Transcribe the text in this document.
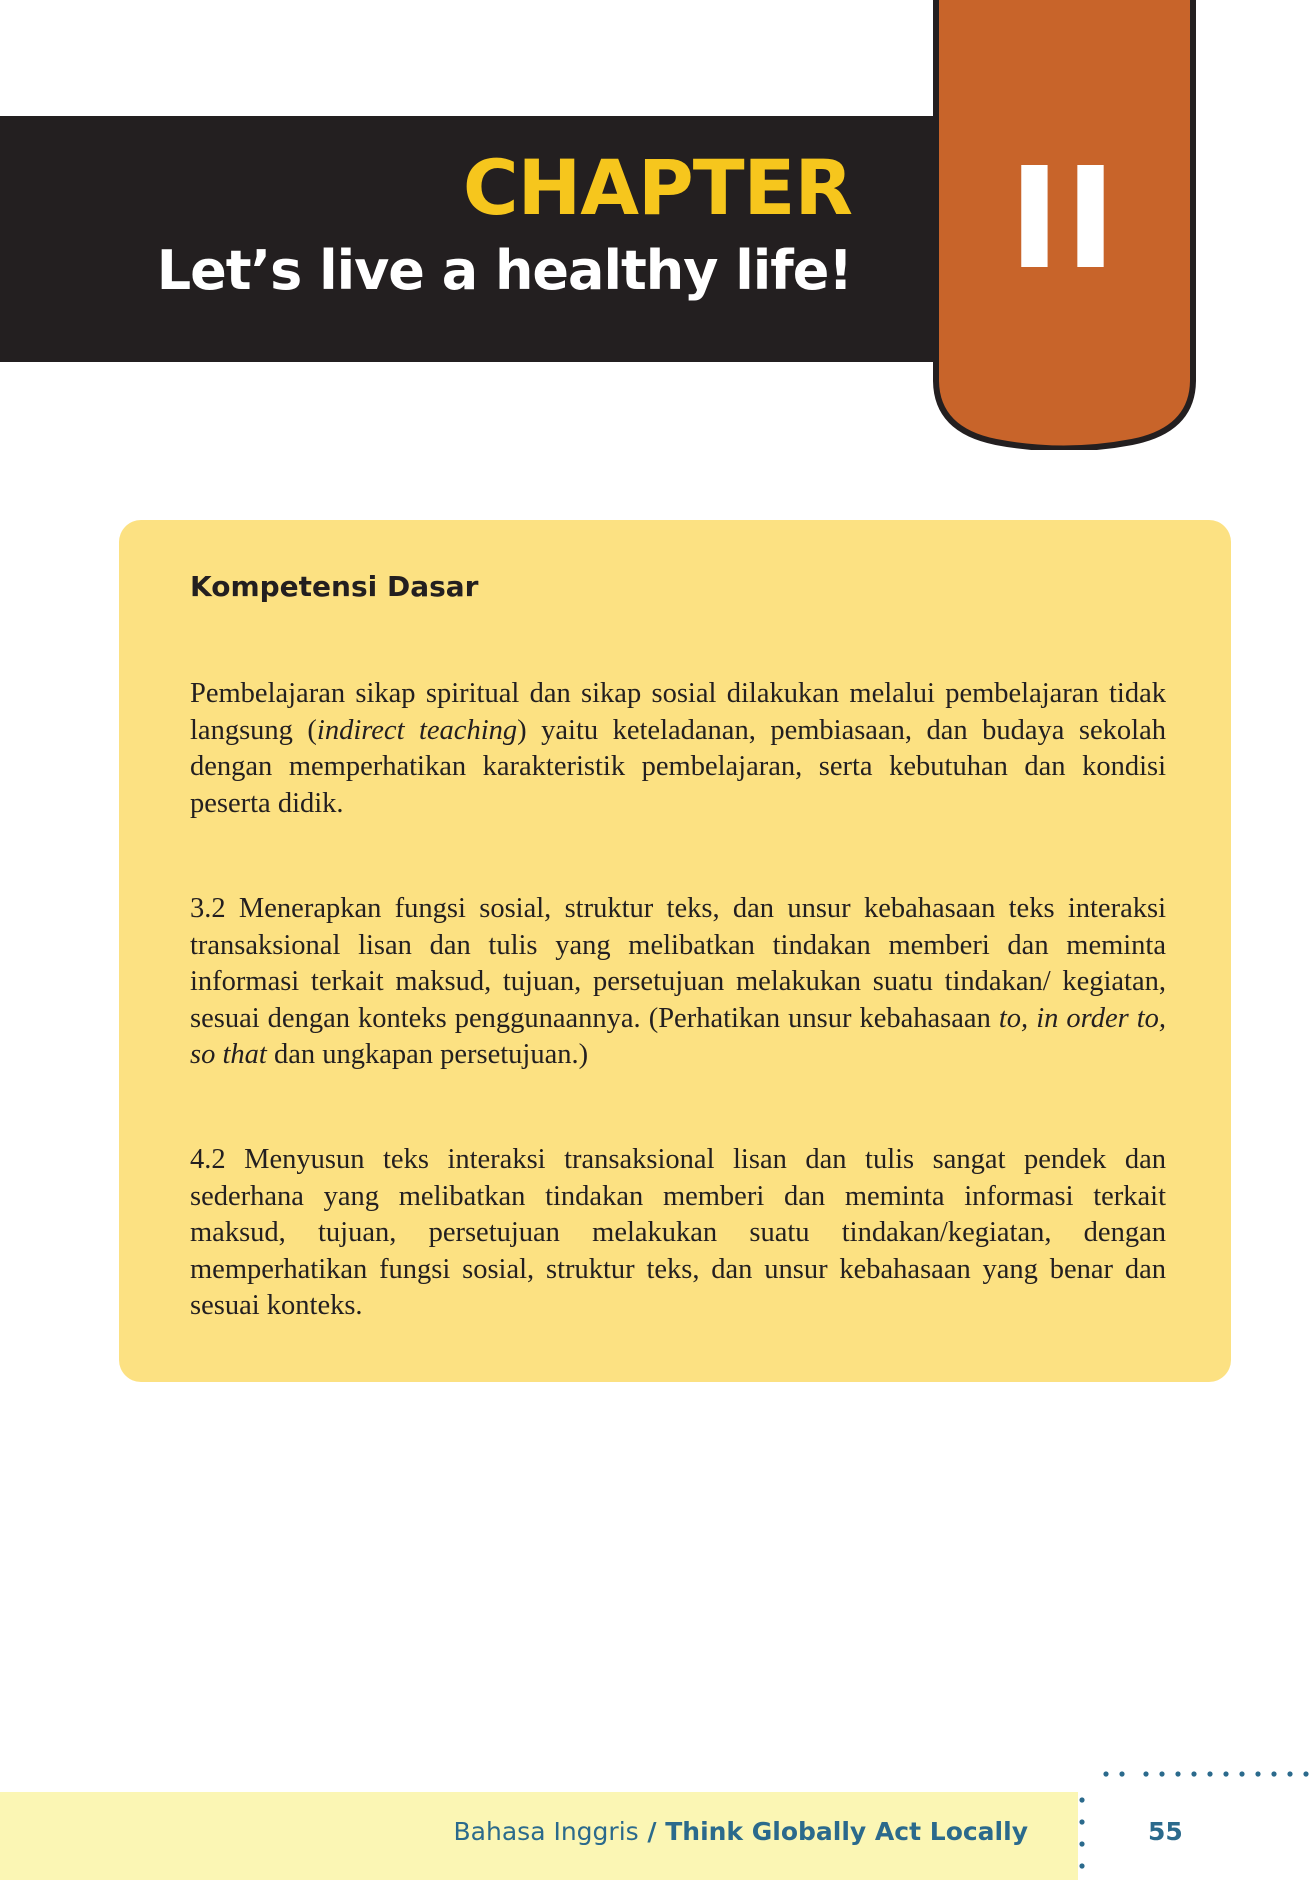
II
CHAPTER
Let’s live a healthy life!
Kompetensi Dasar

Pembelajaran sikap spiritual dan sikap sosial dilakukan melalui pembelajaran tidak langsung (indirect teaching) yaitu keteladanan, pembiasaan, dan budaya sekolah dengan memperhatikan karakteristik pembelajaran, serta kebutuhan dan kondisi peserta didik.

3.2 Menerapkan fungsi sosial, struktur teks, dan unsur kebahasaan teks interaksi transaksional lisan dan tulis yang melibatkan tindakan memberi dan meminta informasi terkait maksud, tujuan, persetujuan melakukan suatu tindakan/ kegiatan, sesuai dengan konteks penggunaannya. (Perhatikan unsur kebahasaan to, in order to, so that dan ungkapan persetujuan.)

4.2 Menyusun teks interaksi transaksional lisan dan tulis sangat pendek dan sederhana yang melibatkan tindakan memberi dan meminta informasi terkait maksud, tujuan, persetujuan melakukan suatu tindakan/kegiatan, dengan memperhatikan fungsi sosial, struktur teks, dan unsur kebahasaan yang benar dan sesuai konteks.

Bahasa Inggris / Think Globally Act Locally	55
